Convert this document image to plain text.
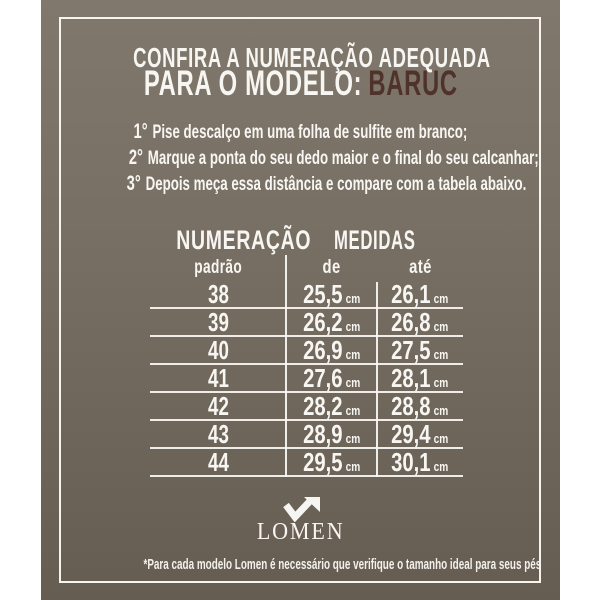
CONFIRA A NUMERAÇÃO ADEQUADA
PARA O MODELO: BARUC
1° Pise descalço em uma folha de sulfite em branco;
2° Marque a ponta do seu dedo maior e o final do seu calcanhar;
3° Depois meça essa distância e compare com a tabela abaixo.
NUMERAÇÃO MEDIDAS
padrão	de	até
38	25,5 cm	26,1 cm
39	26,2 cm	26,8 cm
40	26,9 cm	27,5 cm
41	27,6 cm	28,1 cm
42	28,2 cm	28,8 cm
43	28,9 cm	29,4 cm
44	29,5 cm	30,1 cm
LOMEN
*Para cada modelo Lomen é necessário que verifique o tamanho ideal para seus pés
